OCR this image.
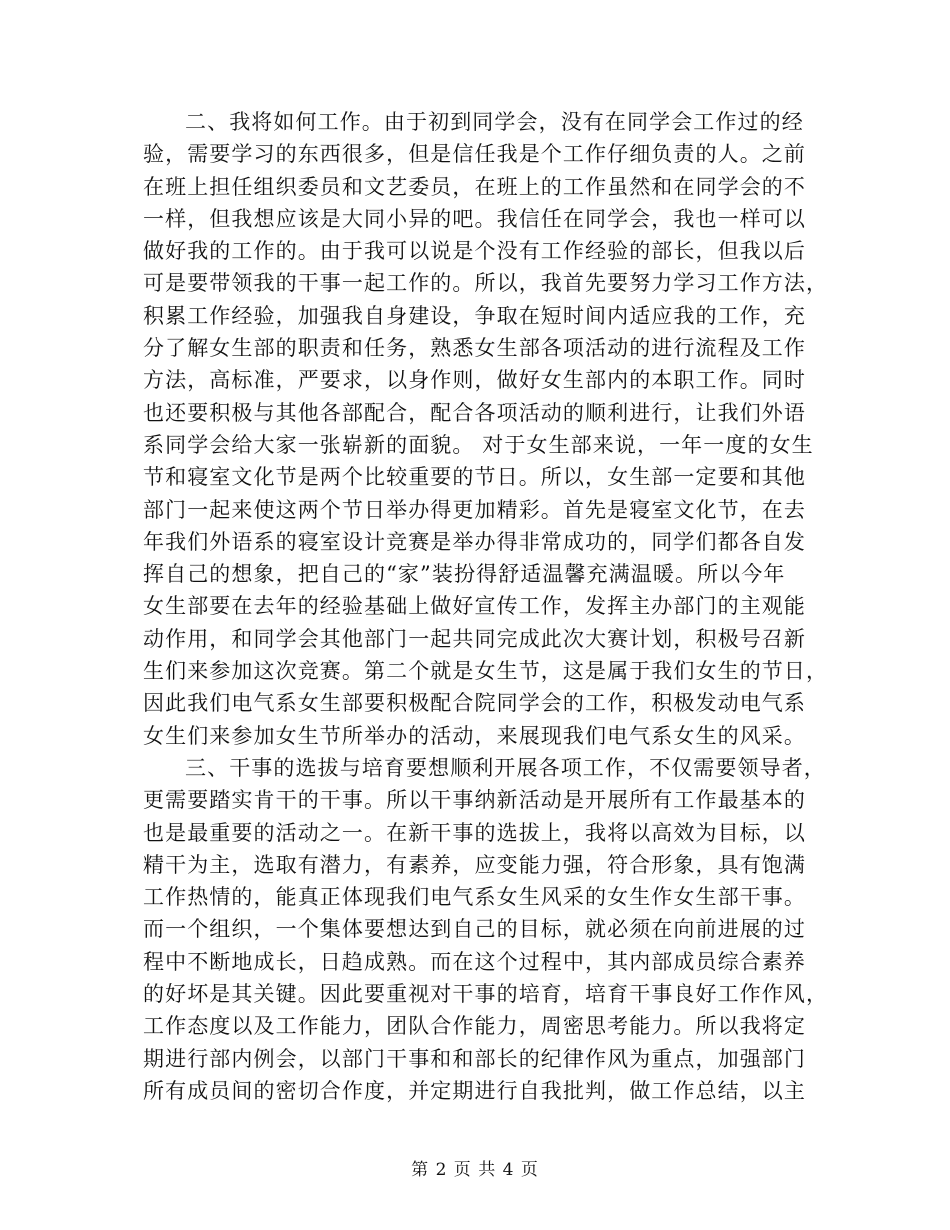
二、我将如何工作。由于初到同学会，没有在同学会工作过的经
验，需要学习的东西很多，但是信任我是个工作仔细负责的人。之前
在班上担任组织委员和文艺委员，在班上的工作虽然和在同学会的不
一样，但我想应该是大同小异的吧。我信任在同学会，我也一样可以
做好我的工作的。由于我可以说是个没有工作经验的部长，但我以后
可是要带领我的干事一起工作的。所以，我首先要努力学习工作方法，
积累工作经验，加强我自身建设，争取在短时间内适应我的工作，充
分了解女生部的职责和任务，熟悉女生部各项活动的进行流程及工作
方法，高标准，严要求，以身作则，做好女生部内的本职工作。同时
也还要积极与其他各部配合，配合各项活动的顺利进行，让我们外语
系同学会给大家一张崭新的面貌。 对于女生部来说，一年一度的女生
节和寝室文化节是两个比较重要的节日。所以，女生部一定要和其他
部门一起来使这两个节日举办得更加精彩。首先是寝室文化节，在去
年我们外语系的寝室设计竞赛是举办得非常成功的，同学们都各自发
挥自己的想象，把自己的“家”装扮得舒适温馨充满温暖。所以今年
女生部要在去年的经验基础上做好宣传工作，发挥主办部门的主观能
动作用，和同学会其他部门一起共同完成此次大赛计划，积极号召新
生们来参加这次竞赛。第二个就是女生节，这是属于我们女生的节日，
因此我们电气系女生部要积极配合院同学会的工作，积极发动电气系
女生们来参加女生节所举办的活动，来展现我们电气系女生的风采。
三、干事的选拔与培育要想顺利开展各项工作，不仅需要领导者，
更需要踏实肯干的干事。所以干事纳新活动是开展所有工作最基本的
也是最重要的活动之一。在新干事的选拔上，我将以高效为目标，以
精干为主，选取有潜力，有素养，应变能力强，符合形象，具有饱满
工作热情的，能真正体现我们电气系女生风采的女生作女生部干事。
而一个组织，一个集体要想达到自己的目标，就必须在向前进展的过
程中不断地成长，日趋成熟。而在这个过程中，其内部成员综合素养
的好坏是其关键。因此要重视对干事的培育，培育干事良好工作作风，
工作态度以及工作能力，团队合作能力，周密思考能力。所以我将定
期进行部内例会，以部门干事和和部长的纪律作风为重点，加强部门
所有成员间的密切合作度，并定期进行自我批判，做工作总结，以主
第 2 页 共 4 页
